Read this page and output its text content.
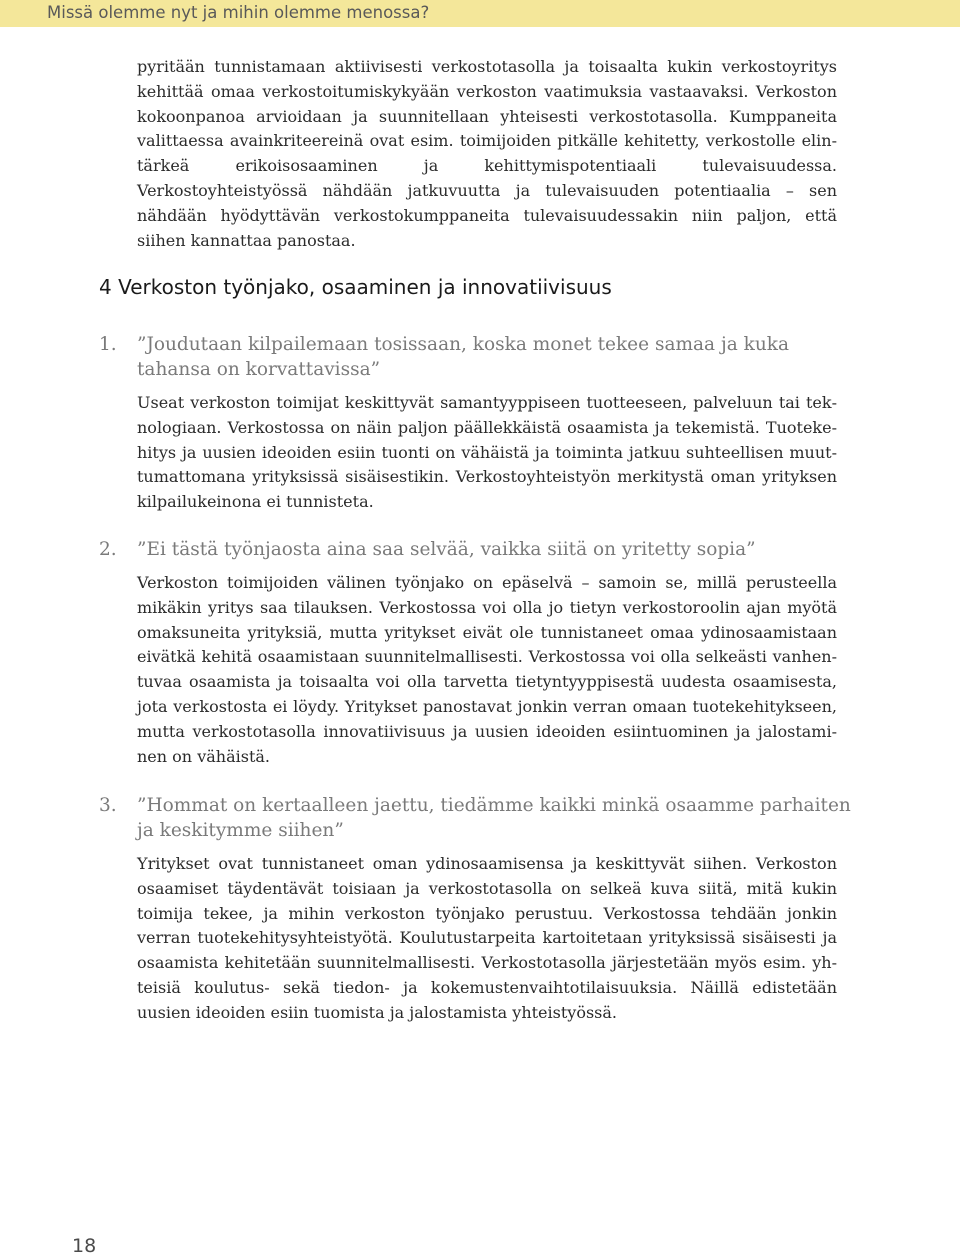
Missä olemme nyt ja mihin olemme menossa?

pyritään tunnistamaan aktiivisesti verkostotasolla ja toisaalta kukin verkostoyritys kehittää omaa verkostoitumiskykyään verkoston vaatimuksia vastaavaksi. Verkoston kokoonpanoa arvioidaan ja suunnitellaan yhteisesti verkostotasolla. Kumppaneita valittaessa avainkriteereinä ovat esim. toimijoiden pitkälle kehitetty, verkostolle elintärkeä erikoisosaaminen ja kehittymispotentiaali tulevaisuudessa. Verkostoyhteistyössä nähdään jatkuvuutta ja tulevaisuuden potentiaalia – sen nähdään hyödyttävän verkostokumppaneita tulevaisuudessakin niin paljon, että siihen kannattaa panostaa.

4 Verkoston työnjako, osaaminen ja innovatiivisuus
1. ”Joudutaan kilpailemaan tosissaan, koska monet tekee samaa ja kuka tahansa on korvattavissa”

Useat verkoston toimijat keskittyvät samantyyppiseen tuotteeseen, palveluun tai teknologiaan. Verkostossa on näin paljon päällekkäistä osaamista ja tekemistä. Tuotekehitys ja uusien ideoiden esiin tuonti on vähäistä ja toiminta jatkuu suhteellisen muuttumattomana yrityksissä sisäisestikin. Verkostoyhteistyön merkitystä oman yrityksen kilpailukeinona ei tunnisteta.

2. ”Ei tästä työnjaosta aina saa selvää, vaikka siitä on yritetty sopia”

Verkoston toimijoiden välinen työnjako on epäselvä – samoin se, millä perusteella mikäkin yritys saa tilauksen. Verkostossa voi olla jo tietyn verkostoroolin ajan myötä omaksuneita yrityksiä, mutta yritykset eivät ole tunnistaneet omaa ydinosaamistaan eivätkä kehitä osaamistaan suunnitelmallisesti. Verkostossa voi olla selkeästi vanhentuvaa osaamista ja toisaalta voi olla tarvetta tietyntyyppisestä uudesta osaamisesta, jota verkostosta ei löydy. Yritykset panostavat jonkin verran omaan tuotekehitykseen, mutta verkostotasolla innovatiivisuus ja uusien ideoiden esiintuominen ja jalostaminen on vähäistä.

3. ”Hommat on kertaalleen jaettu, tiedämme kaikki minkä osaamme parhaiten ja keskitymme siihen”

Yritykset ovat tunnistaneet oman ydinosaamisensa ja keskittyvät siihen. Verkoston osaamiset täydentävät toisiaan ja verkostotasolla on selkeä kuva siitä, mitä kukin toimija tekee, ja mihin verkoston työnjako perustuu. Verkostossa tehdään jonkin verran tuotekehitysyhteistyötä. Koulutustarpeita kartoitetaan yrityksissä sisäisesti ja osaamista kehitetään suunnitelmallisesti. Verkostotasolla järjestetään myös esim. yhteisiä koulutus- sekä tiedon- ja kokemustenvaihtotilaisuuksia. Näillä edistetään uusien ideoiden esiin tuomista ja jalostamista yhteistyössä.

18
